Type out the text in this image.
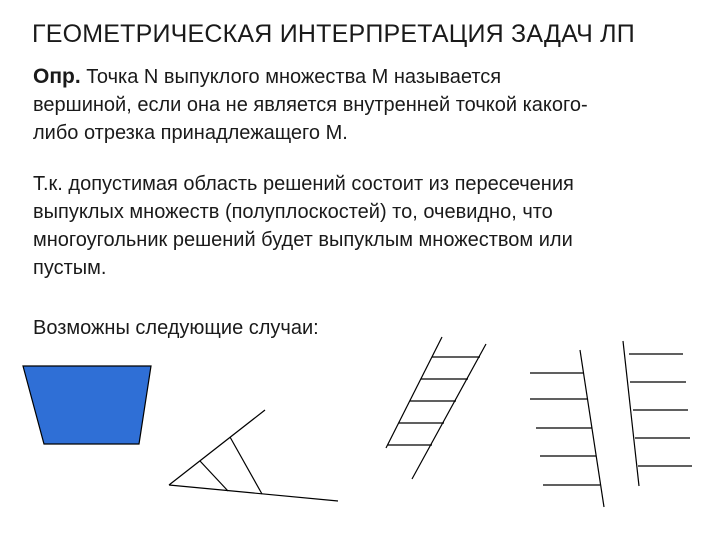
ГЕОМЕТРИЧЕСКАЯ ИНТЕРПРЕТАЦИЯ ЗАДАЧ ЛП
Опр. Точка N выпуклого множества M называется
вершиной, если она не является внутренней точкой какого-
либо отрезка принадлежащего M.
Т.к. допустимая область решений состоит из пересечения
выпуклых множеств (полуплоскостей) то, очевидно, что
многоугольник решений будет выпуклым множеством или
пустым.
Возможны следующие случаи:
